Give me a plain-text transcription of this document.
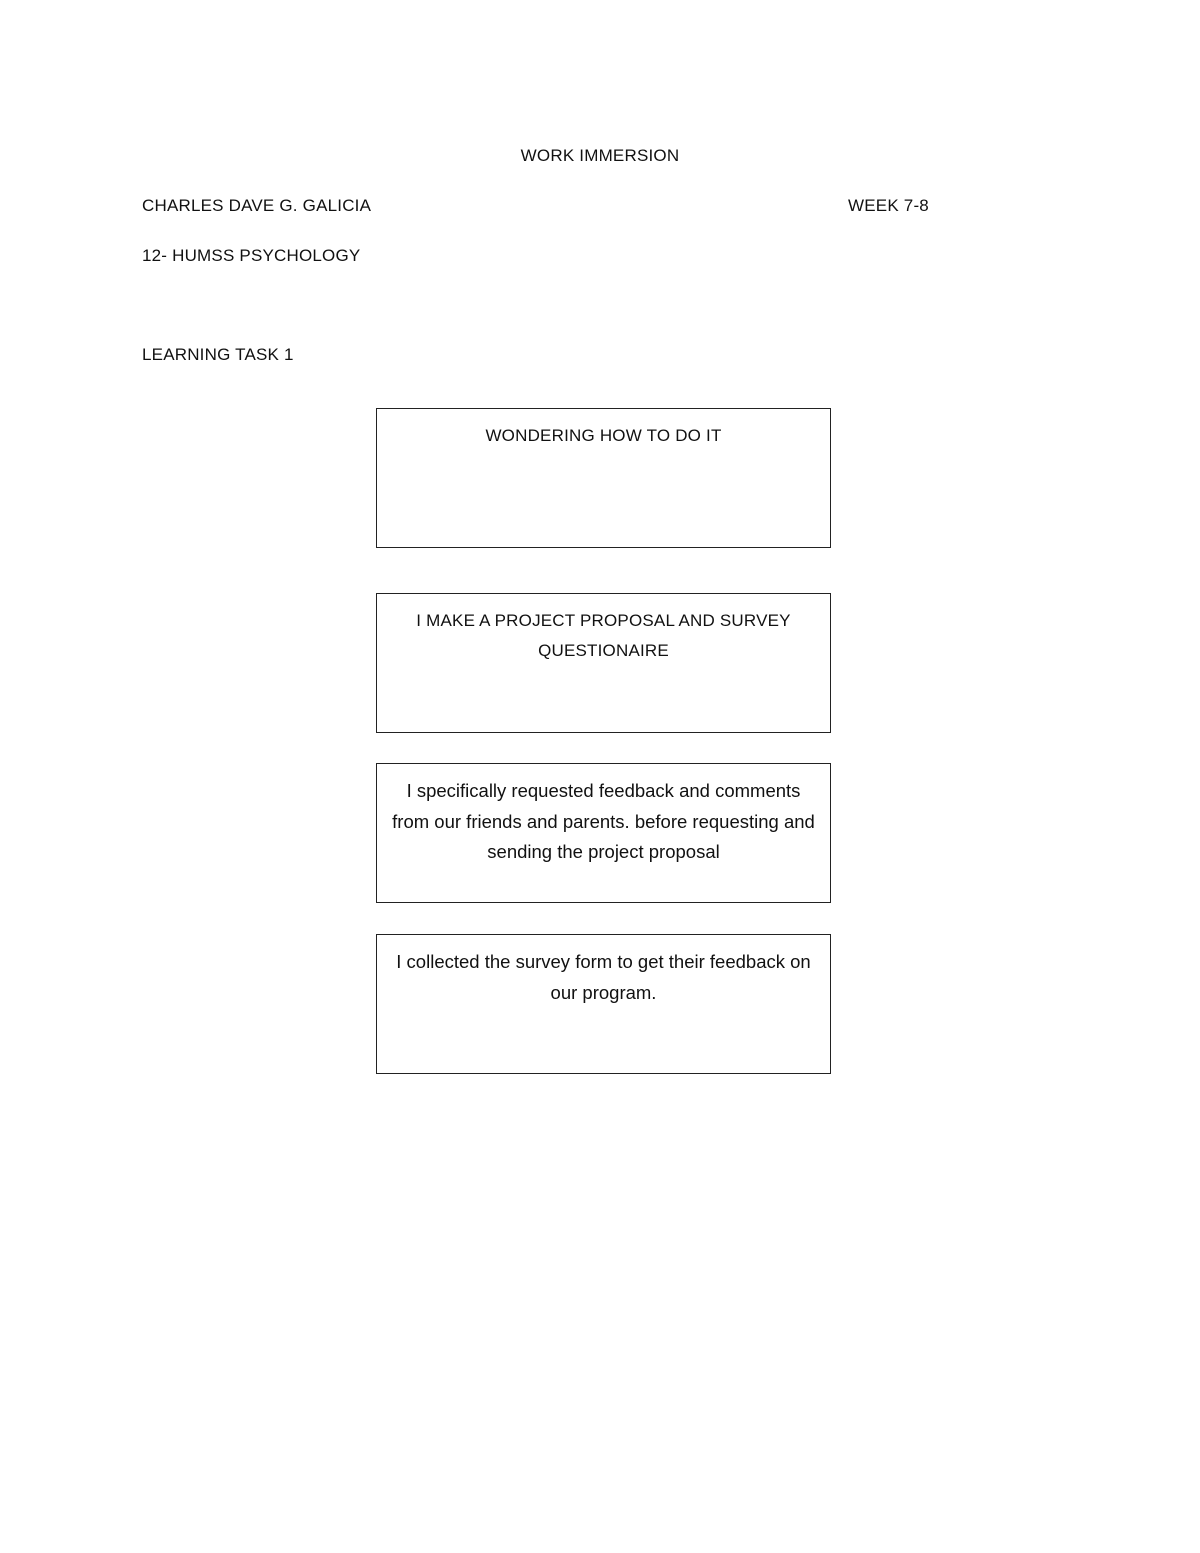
WORK IMMERSION
CHARLES DAVE G. GALICIA	WEEK 7-8
12- HUMSS PSYCHOLOGY
LEARNING TASK 1
WONDERING HOW TO DO IT
I MAKE A PROJECT PROPOSAL AND SURVEY QUESTIONAIRE
I specifically requested feedback and comments from our friends and parents. before requesting and sending the project proposal
I collected the survey form to get their feedback on our program.
